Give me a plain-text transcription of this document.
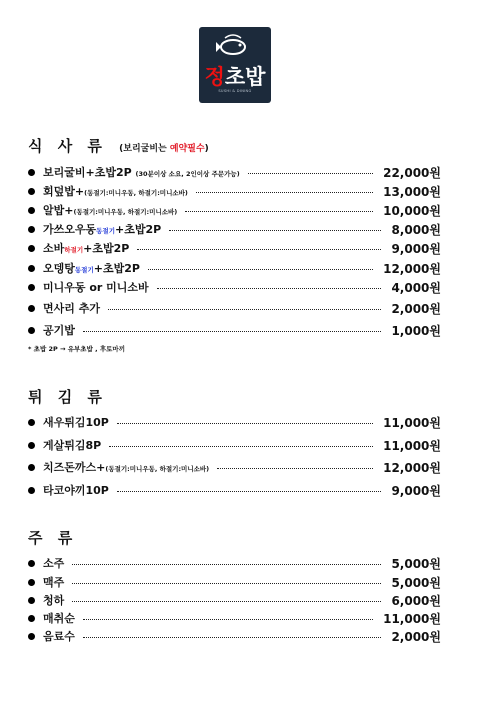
정초밥
SUSHI & DINING
식 사 류 (보리굴비는 예약필수)
보리굴비+초밥2P (30분이상 소요, 2인이상 주문가능)	22,000원
회덮밥+(동절기:미니우동, 하절기:미니소바)	13,000원
알밥+(동절기:미니우동, 하절기:미니소바)	10,000원
가쓰오우동동절기+초밥2P	8,000원
소바하절기+초밥2P	9,000원
오뎅탕동절기+초밥2P	12,000원
미니우동 or 미니소바	4,000원
면사리 추가	2,000원
공기밥	1,000원
* 초밥 2P → 유부초밥 , 후토마끼
튀 김 류
새우튀김10P	11,000원
게살튀김8P	11,000원
치즈돈까스+(동절기:미니우동, 하절기:미니소바)	12,000원
타코야끼10P	9,000원
주 류
소주	5,000원
맥주	5,000원
청하	6,000원
매취순	11,000원
음료수	2,000원
